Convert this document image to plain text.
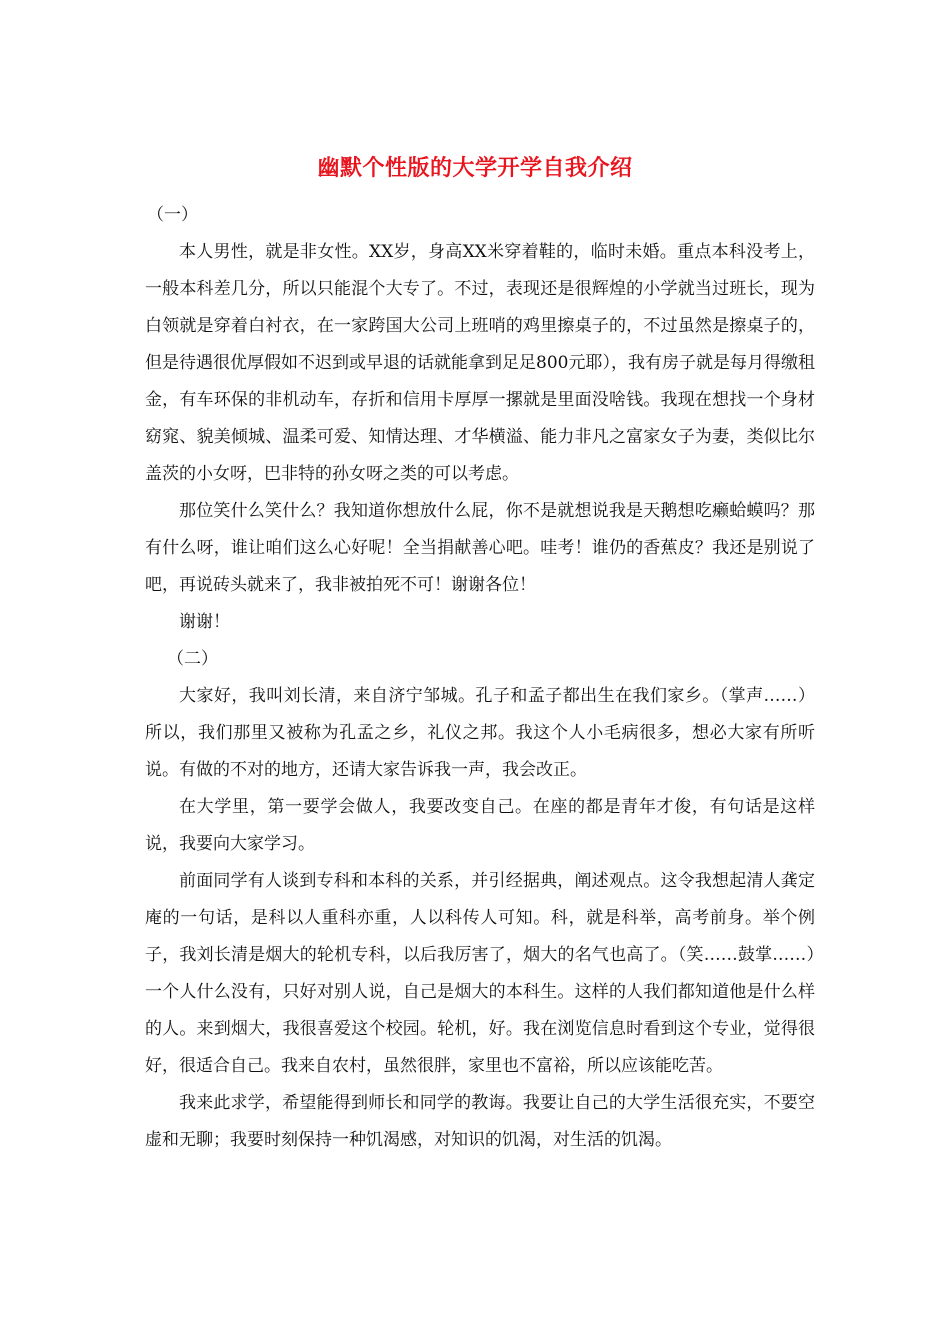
幽默个性版的大学开学自我介绍

（一）

本人男性，就是非女性。XX岁，身高XX米穿着鞋的，临时未婚。重点本科没考上，一般本科差几分，所以只能混个大专了。不过，表现还是很辉煌的小学就当过班长，现为白领就是穿着白衬衣，在一家跨国大公司上班哨的鸡里擦桌子的，不过虽然是擦桌子的，但是待遇很优厚假如不迟到或早退的话就能拿到足足800元耶），我有房子就是每月得缴租金，有车环保的非机动车，存折和信用卡厚厚一摞就是里面没啥钱。我现在想找一个身材窈窕、貌美倾城、温柔可爱、知情达理、才华横溢、能力非凡之富家女子为妻，类似比尔盖茨的小女呀，巴非特的孙女呀之类的可以考虑。

那位笑什么笑什么？我知道你想放什么屁，你不是就想说我是天鹅想吃癞蛤蟆吗？那有什么呀，谁让咱们这么心好呢！全当捐献善心吧。哇考！谁仍的香蕉皮？我还是别说了吧，再说砖头就来了，我非被拍死不可！谢谢各位！

谢谢！

（二）

大家好，我叫刘长清，来自济宁邹城。孔子和孟子都出生在我们家乡。（掌声……）所以，我们那里又被称为孔孟之乡，礼仪之邦。我这个人小毛病很多，想必大家有所听说。有做的不对的地方，还请大家告诉我一声，我会改正。

在大学里，第一要学会做人，我要改变自己。在座的都是青年才俊，有句话是这样说，我要向大家学习。

前面同学有人谈到专科和本科的关系，并引经据典，阐述观点。这令我想起清人龚定庵的一句话，是科以人重科亦重，人以科传人可知。科，就是科举，高考前身。举个例子，我刘长清是烟大的轮机专科，以后我厉害了，烟大的名气也高了。（笑……鼓掌……）一个人什么没有，只好对别人说，自己是烟大的本科生。这样的人我们都知道他是什么样的人。来到烟大，我很喜爱这个校园。轮机，好。我在浏览信息时看到这个专业，觉得很好，很适合自己。我来自农村，虽然很胖，家里也不富裕，所以应该能吃苦。

我来此求学，希望能得到师长和同学的教诲。我要让自己的大学生活很充实，不要空虚和无聊；我要时刻保持一种饥渴感，对知识的饥渴，对生活的饥渴。
